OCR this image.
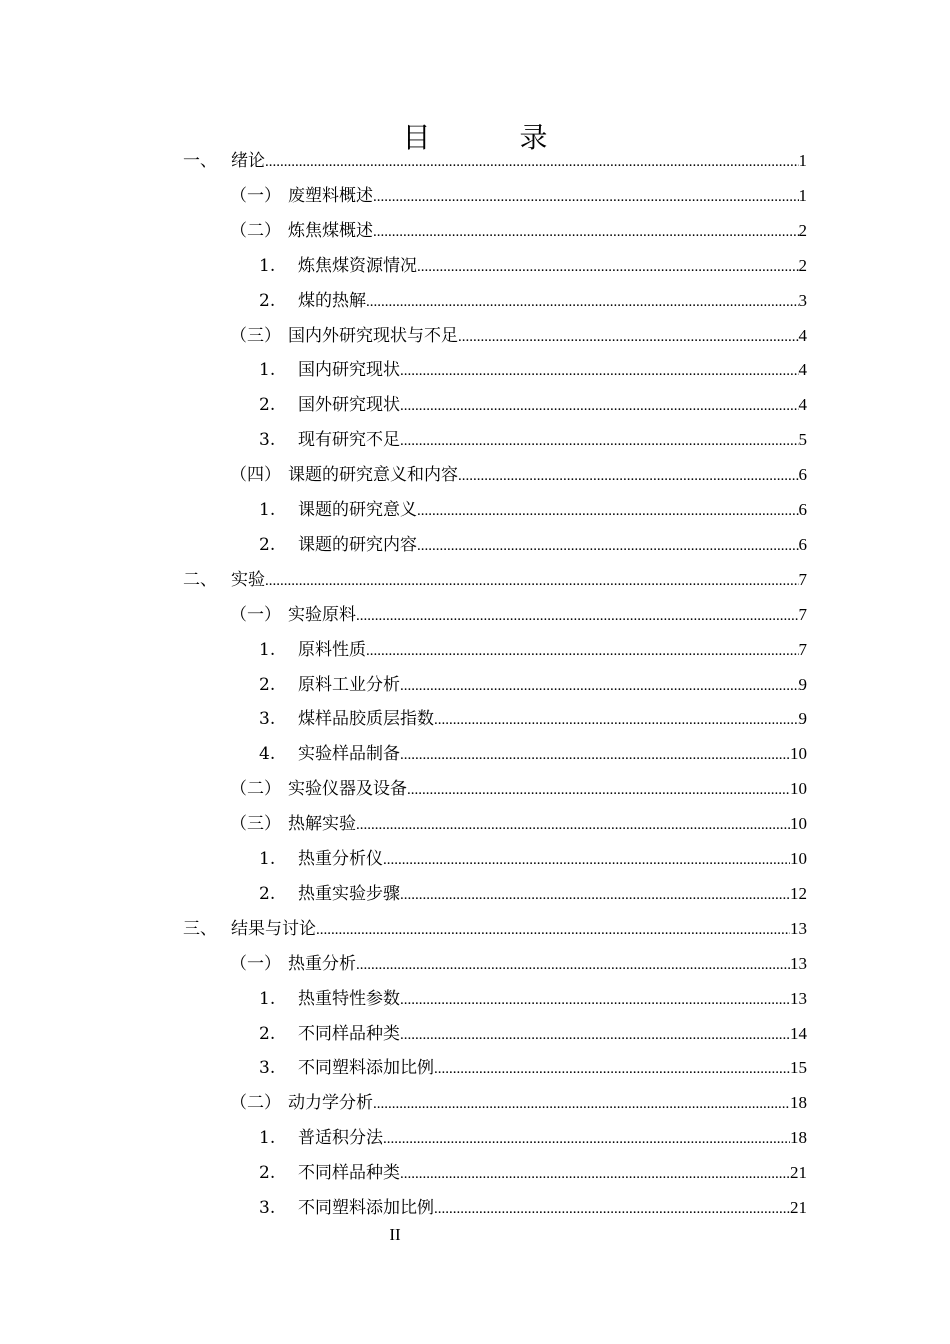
目 录
一、 绪论 .....	1
（一） 废塑料概述 .....	1
（二） 炼焦煤概述 .....	2
1.	炼焦煤资源情况 .....	2
2.	煤的热解 .....	3
（三） 国内外研究现状与不足 .....	4
1.	国内研究现状 .....	4
2.	国外研究现状 .....	4
3.	现有研究不足 .....	5
（四） 课题的研究意义和内容 .....	6
1.	课题的研究意义 .....	6
2.	课题的研究内容 .....	6
二、 实验 .....	7
（一） 实验原料 .....	7
1.	原料性质 .....	7
2.	原料工业分析 .....	9
3.	煤样品胶质层指数 .....	9
4.	实验样品制备 .....	10
（二） 实验仪器及设备 .....	10
（三） 热解实验 .....	10
1.	热重分析仪 .....	10
2.	热重实验步骤 .....	12
三、 结果与讨论 .....	13
（一） 热重分析 .....	13
1.	热重特性参数 .....	13
2.	不同样品种类 .....	14
3.	不同塑料添加比例 .....	15
（二） 动力学分析 .....	18
1.	普适积分法 .....	18
2.	不同样品种类 .....	21
3.	不同塑料添加比例 .....	21
II
